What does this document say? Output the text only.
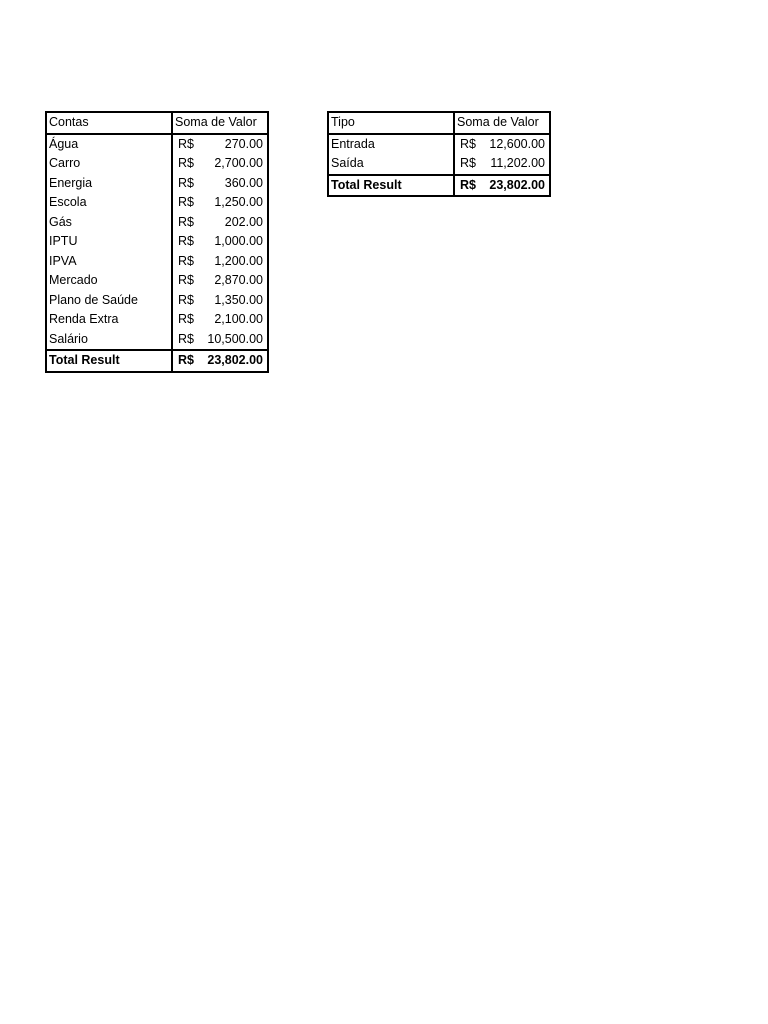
Contas	Soma de Valor	
Água	R$	270.00
Carro	R$	2,700.00
Energia	R$	360.00
Escola	R$	1,250.00
Gás	R$	202.00
IPTU	R$	1,000.00
IPVA	R$	1,200.00
Mercado	R$	2,870.00
Plano de Saúde	R$	1,350.00
Renda Extra	R$	2,100.00
Salário	R$	10,500.00
Total Result	R$	23,802.00
Tipo	Soma de Valor	
Entrada	R$	12,600.00
Saída	R$	11,202.00
Total Result	R$	23,802.00
